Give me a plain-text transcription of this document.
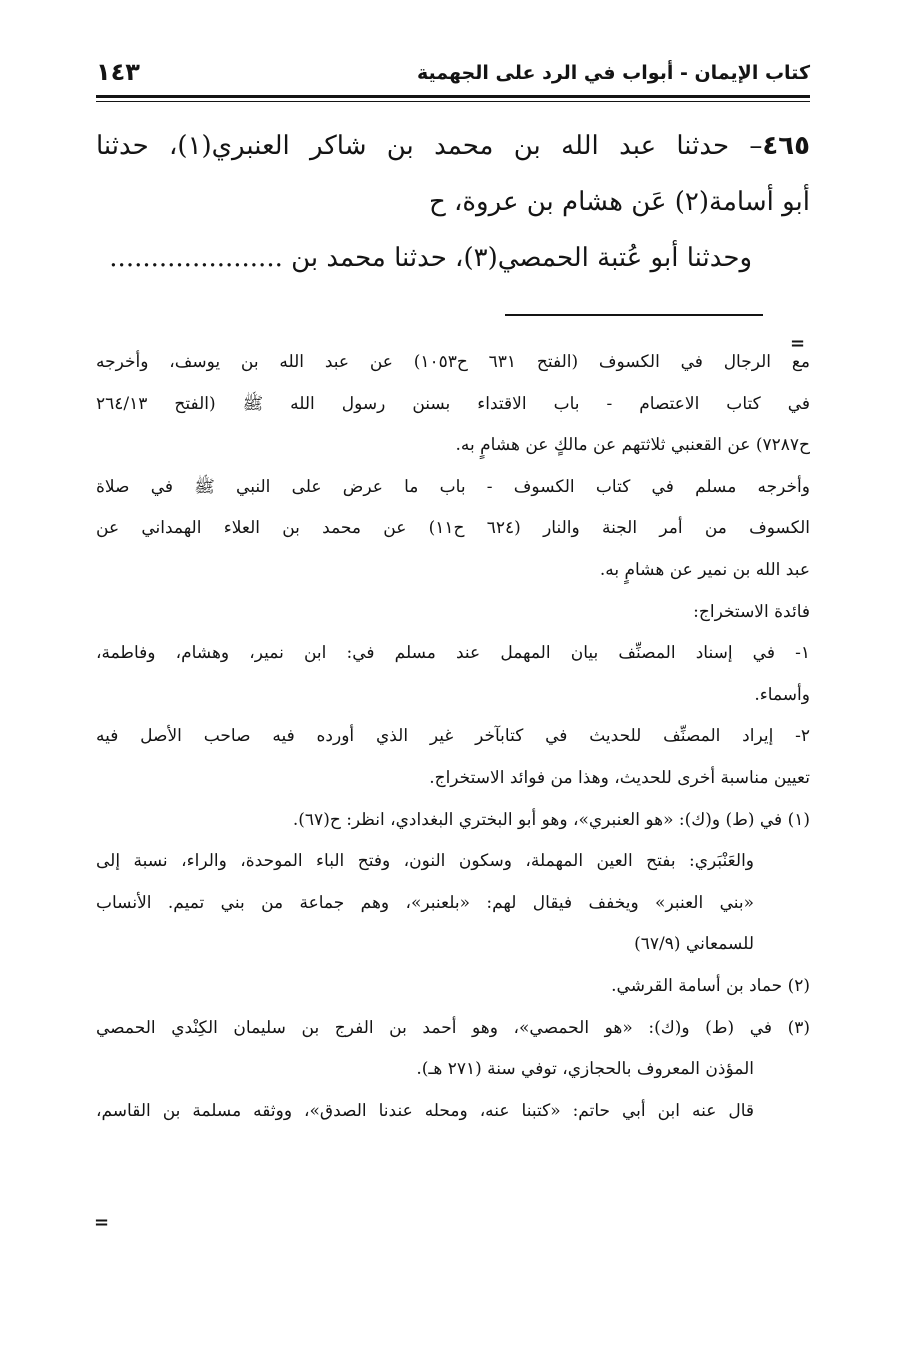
كتاب الإيمان - أبواب في الرد على الجهمية
١٤٣
٤٦٥– حدثنا عبد الله بن محمد بن شاكر العنبري(١)، حدثنا
أبو أسامة(٢) عَن هشام بن عروة، ح
وحدثنا أبو عُتبة الحمصي(٣)، حدثنا محمد بن .....................
=
مع الرجال في الكسوف (الفتح ٦٣١ ح١٠٥٣) عن عبد الله بن يوسف، وأخرجه
في كتاب الاعتصام - باب الاقتداء بسنن رسول الله ﷺ (الفتح ٢٦٤/١٣
ح٧٢٨٧) عن القعنبي ثلاثتهم عن مالكٍ عن هشامٍ به.
وأخرجه مسلم في كتاب الكسوف - باب ما عرض على النبي ﷺ في صلاة
الكسوف من أمر الجنة والنار (٦٢٤ ح١١) عن محمد بن العلاء الهمداني عن
عبد الله بن نمير عن هشامٍ به.
فائدة الاستخراج:
١- في إسناد المصنِّف بيان المهمل عند مسلم في: ابن نمير، وهشام، وفاطمة،
وأسماء.
٢- إيراد المصنِّف للحديث في كتابآخر غير الذي أورده فيه صاحب الأصل فيه
تعيين مناسبة أخرى للحديث، وهذا من فوائد الاستخراج.
(١) في (ط) و(ك): «هو العنبري»، وهو أبو البختري البغدادي، انظر: ح(٦٧).
والعَنْبَري: بفتح العين المهملة، وسكون النون، وفتح الباء الموحدة، والراء، نسبة إلى
«بني العنبر» ويخفف فيقال لهم: «بلعنبر»، وهم جماعة من بني تميم. الأنساب
للسمعاني (٦٧/٩)
(٢) حماد بن أسامة القرشي.
(٣) في (ط) و(ك): «هو الحمصي»، وهو أحمد بن الفرج بن سليمان الكِنْدي الحمصي
المؤذن المعروف بالحجازي، توفي سنة (٢٧١ هـ).
قال عنه ابن أبي حاتم: «كتبنا عنه، ومحله عندنا الصدق»، ووثقه مسلمة بن القاسم،
=
